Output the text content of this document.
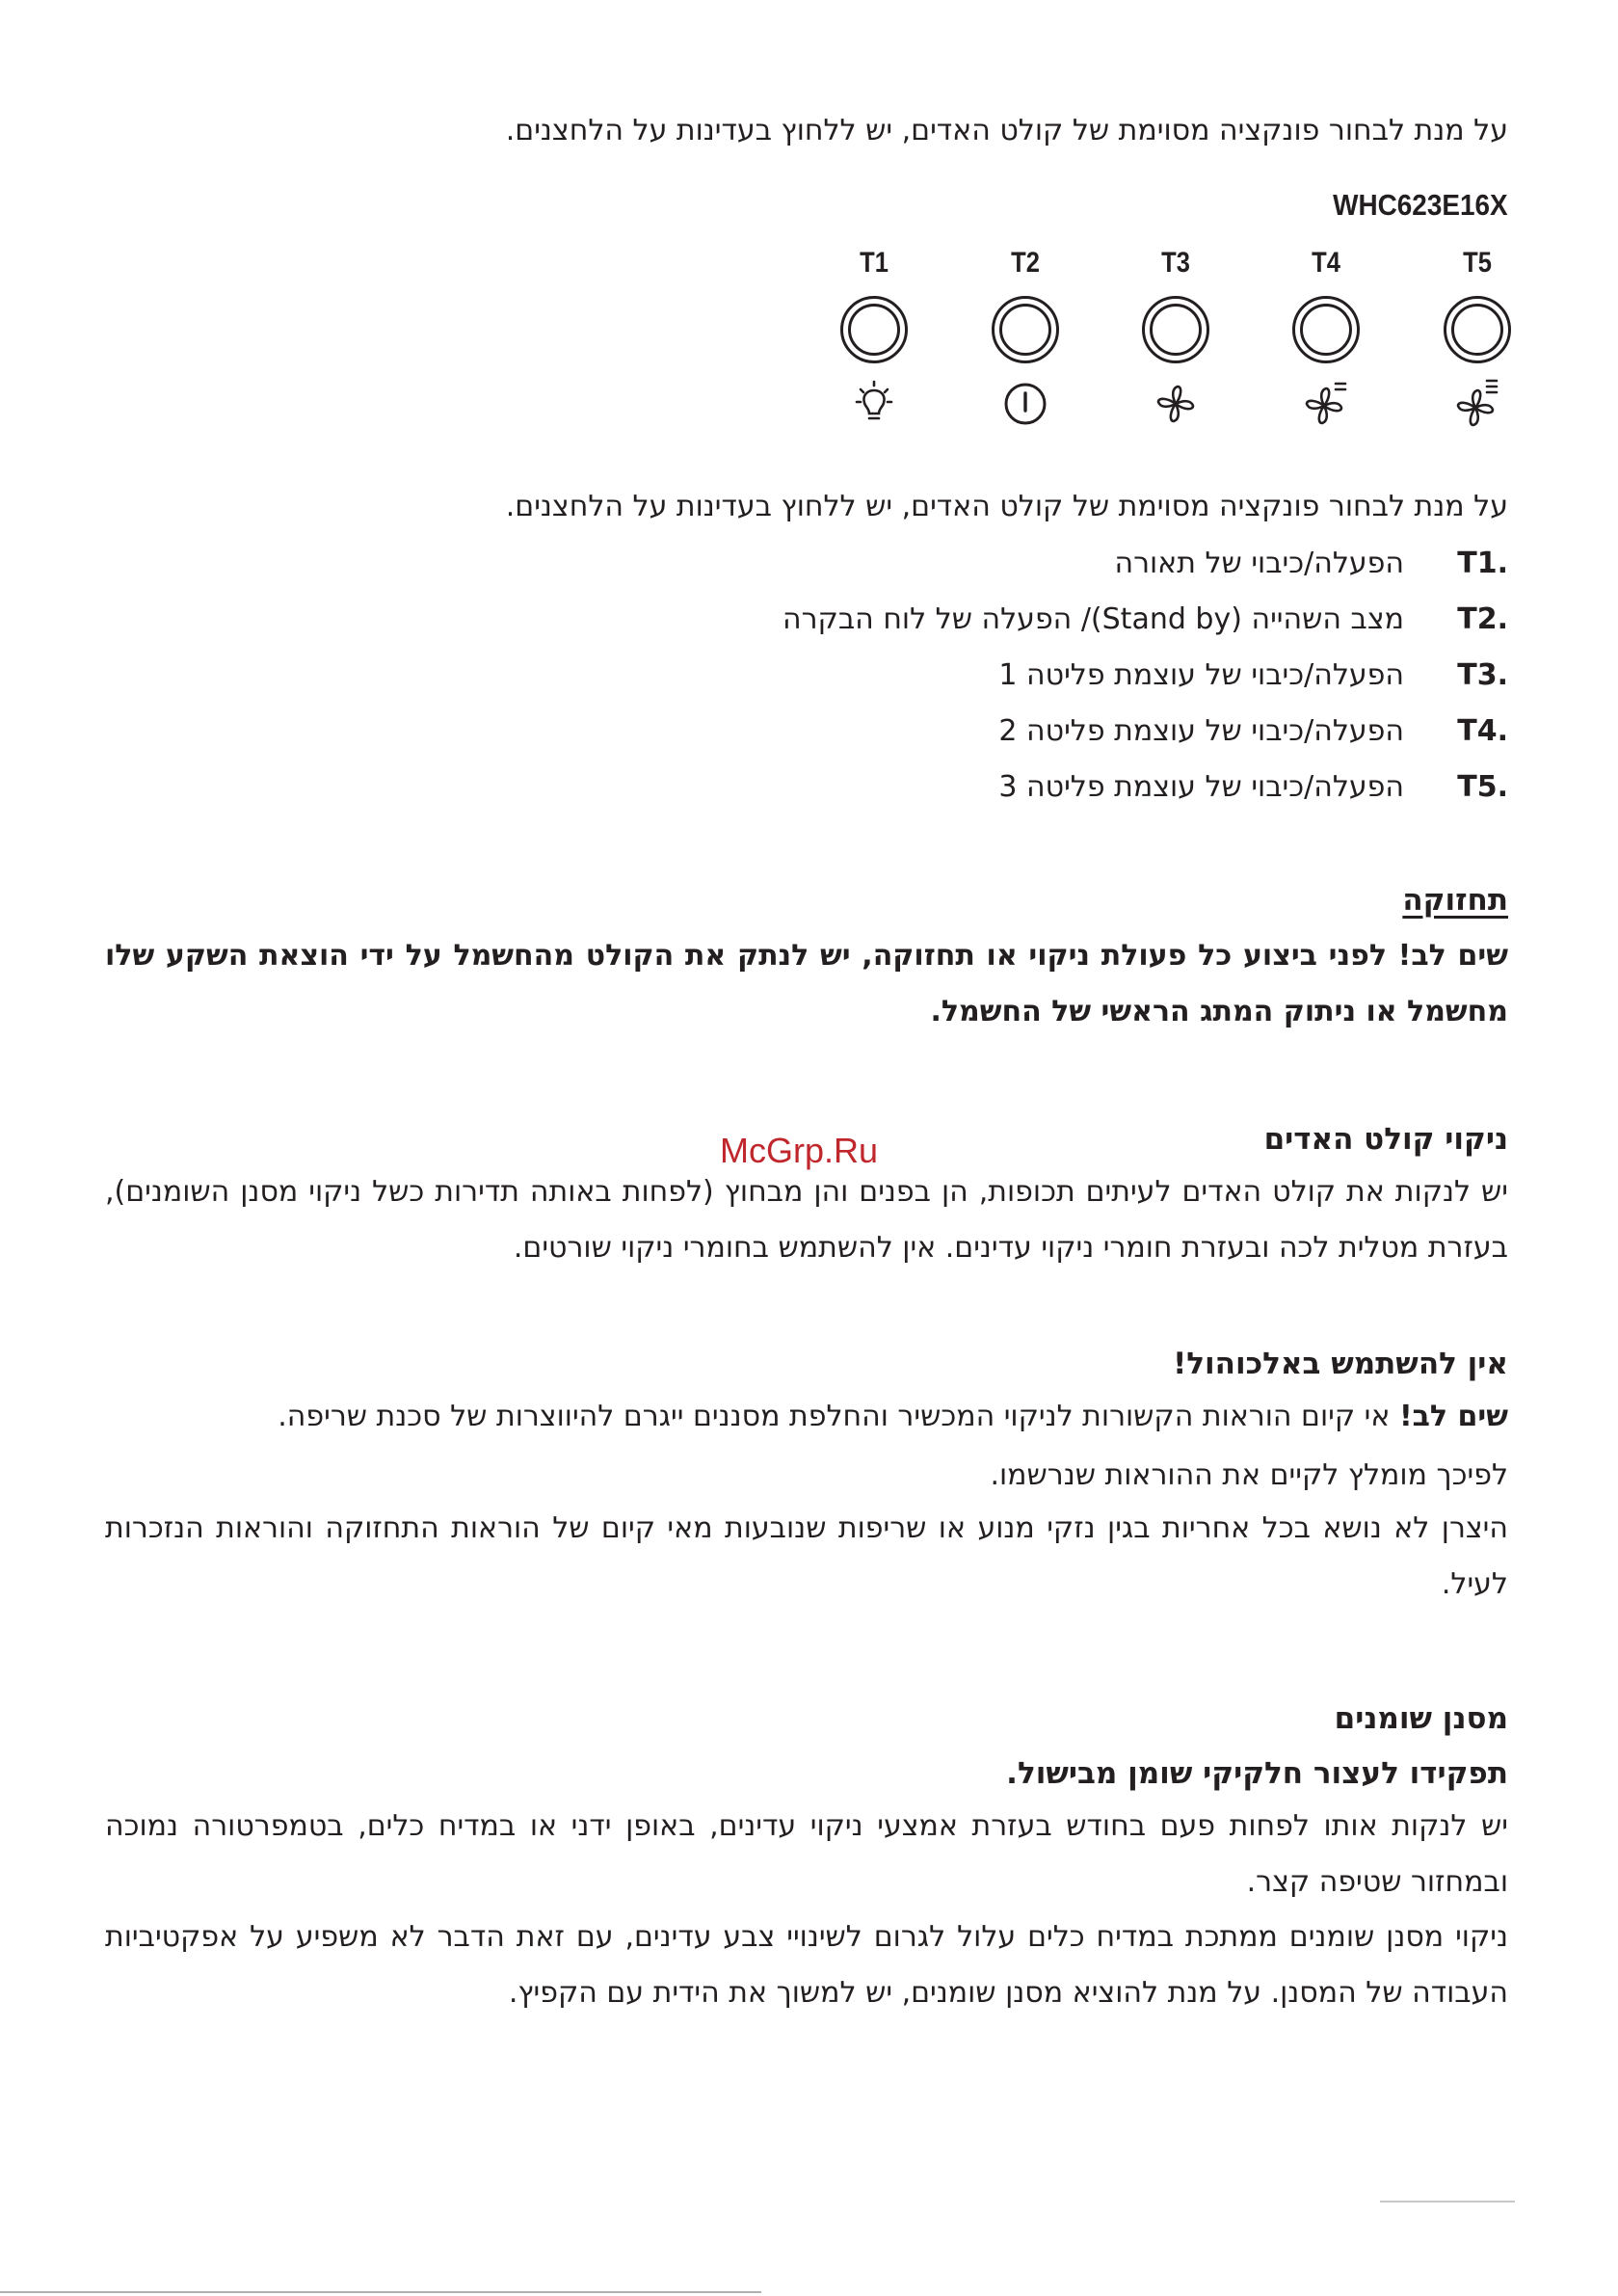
על מנת לבחור פונקציה מסוימת של קולט האדים, יש ללחוץ בעדינות על הלחצנים.
WHC623E16X
T1	T2	T3	T4	T5
על מנת לבחור פונקציה מסוימת של קולט האדים, יש ללחוץ בעדינות על הלחצנים.
T1.
הפעלה/כיבוי של תאורה
T2.
מצב השהייה (Stand by)/ הפעלה של לוח הבקרה
T3.
הפעלה/כיבוי של עוצמת פליטה 1
T4.
הפעלה/כיבוי של עוצמת פליטה 2
T5.
הפעלה/כיבוי של עוצמת פליטה 3
תחזוקה
שים לב! לפני ביצוע כל פעולת ניקוי או תחזוקה, יש לנתק את הקולט מהחשמל על ידי הוצאת השקע שלו מחשמל או ניתוק המתג הראשי של החשמל.
ניקוי קולט האדים
יש לנקות את קולט האדים לעיתים תכופות, הן בפנים והן מבחוץ (לפחות באותה תדירות כשל ניקוי מסנן השומנים), בעזרת מטלית לכה ובעזרת חומרי ניקוי עדינים. אין להשתמש בחומרי ניקוי שורטים.
אין להשתמש באלכוהול!
שים לב! אי קיום הוראות הקשורות לניקוי המכשיר והחלפת מסננים ייגרם להיווצרות של סכנת שריפה.
לפיכך מומלץ לקיים את ההוראות שנרשמו.
היצרן לא נושא בכל אחריות בגין נזקי מנוע או שריפות שנובעות מאי קיום של הוראות התחזוקה והוראות הנזכרות לעיל.
מסנן שומנים
תפקידו לעצור חלקיקי שומן מבישול.
יש לנקות אותו לפחות פעם בחודש בעזרת אמצעי ניקוי עדינים, באופן ידני או במדיח כלים, בטמפרטורה נמוכה ובמחזור שטיפה קצר.
ניקוי מסנן שומנים ממתכת במדיח כלים עלול לגרום לשינויי צבע עדינים, עם זאת הדבר לא משפיע על אפקטיביות העבודה של המסנן. על מנת להוציא מסנן שומנים, יש למשוך את הידית עם הקפיץ.
McGrp.Ru
